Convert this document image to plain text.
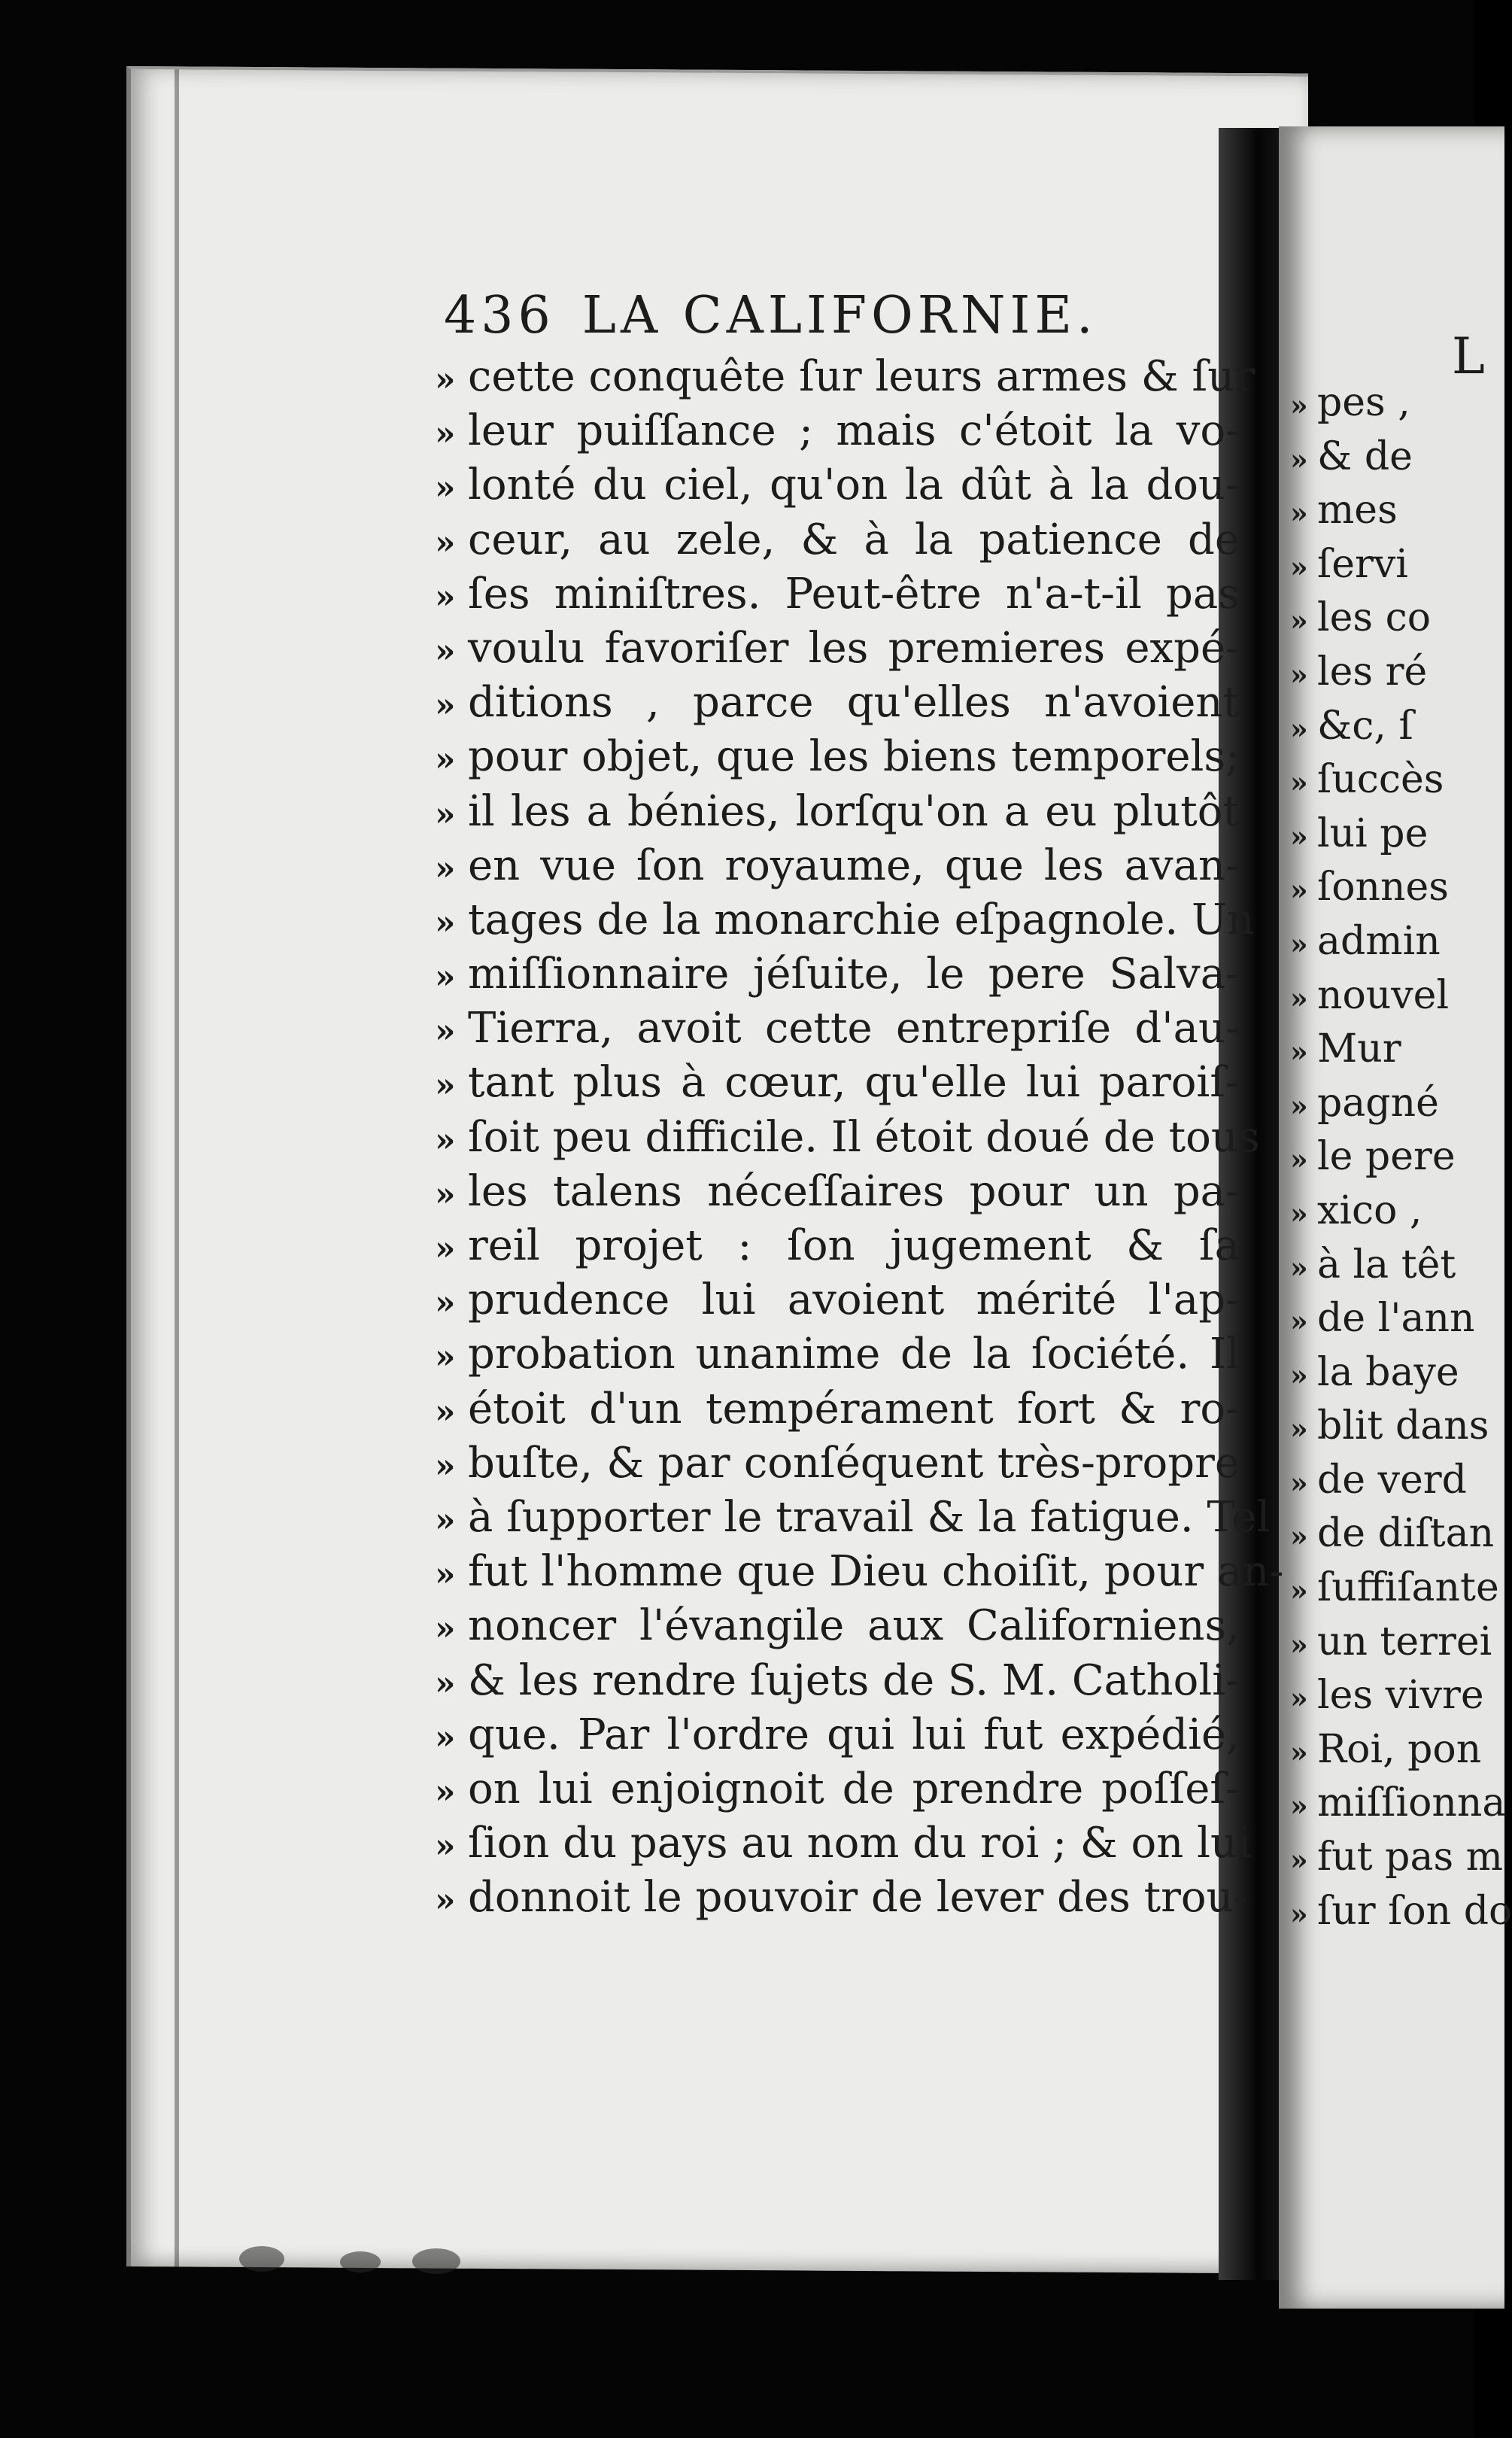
436 LA CALIFORNIE.
» cette conquête ſur leurs armes & ſur
» leur puiſſance ; mais c'étoit la vo-
» lonté du ciel, qu'on la dût à la dou-
» ceur, au zele, & à la patience de
» ſes miniſtres. Peut-être n'a-t-il pas
» voulu favoriſer les premieres expé-
» ditions , parce qu'elles n'avoient
» pour objet, que les biens temporels;
» il les a bénies, lorſqu'on a eu plutôt
» en vue ſon royaume, que les avan-
» tages de la monarchie eſpagnole. Un
» miſſionnaire jéſuite, le pere Salva-
» Tierra, avoit cette entrepriſe d'au-
» tant plus à cœur, qu'elle lui paroiſ-
» ſoit peu difficile. Il étoit doué de tous
» les talens néceſſaires pour un pa-
» reil projet : ſon jugement & ſa
» prudence lui avoient mérité l'ap-
» probation unanime de la ſociété. Il
» étoit d'un tempérament fort & ro-
» buſte, & par conſéquent très-propre
» à ſupporter le travail & la fatigue. Tel
» fut l'homme que Dieu choiſit, pour an-
» noncer l'évangile aux Californiens,
» & les rendre ſujets de S. M. Catholi-
» que. Par l'ordre qui lui fut expédié,
» on lui enjoignoit de prendre poſſeſ-
» ſion du pays au nom du roi ; & on lui
» donnoit le pouvoir de lever des trou-
L
» pes ,
» & de
» mes
» ſervi
» les co
» les ré
» &c, ſ
» ſuccès
» lui pe
» ſonnes
» admin
» nouvel
» Mur
» pagné
» le pere
» xico ,
» à la têt
» de l'ann
» la baye
» blit dans
» de verd
» de diſtan
» ſuffiſante
» un terrei
» les vivre
» Roi, pon
» miſſionna
» fut pas m
» ſur ſon do
